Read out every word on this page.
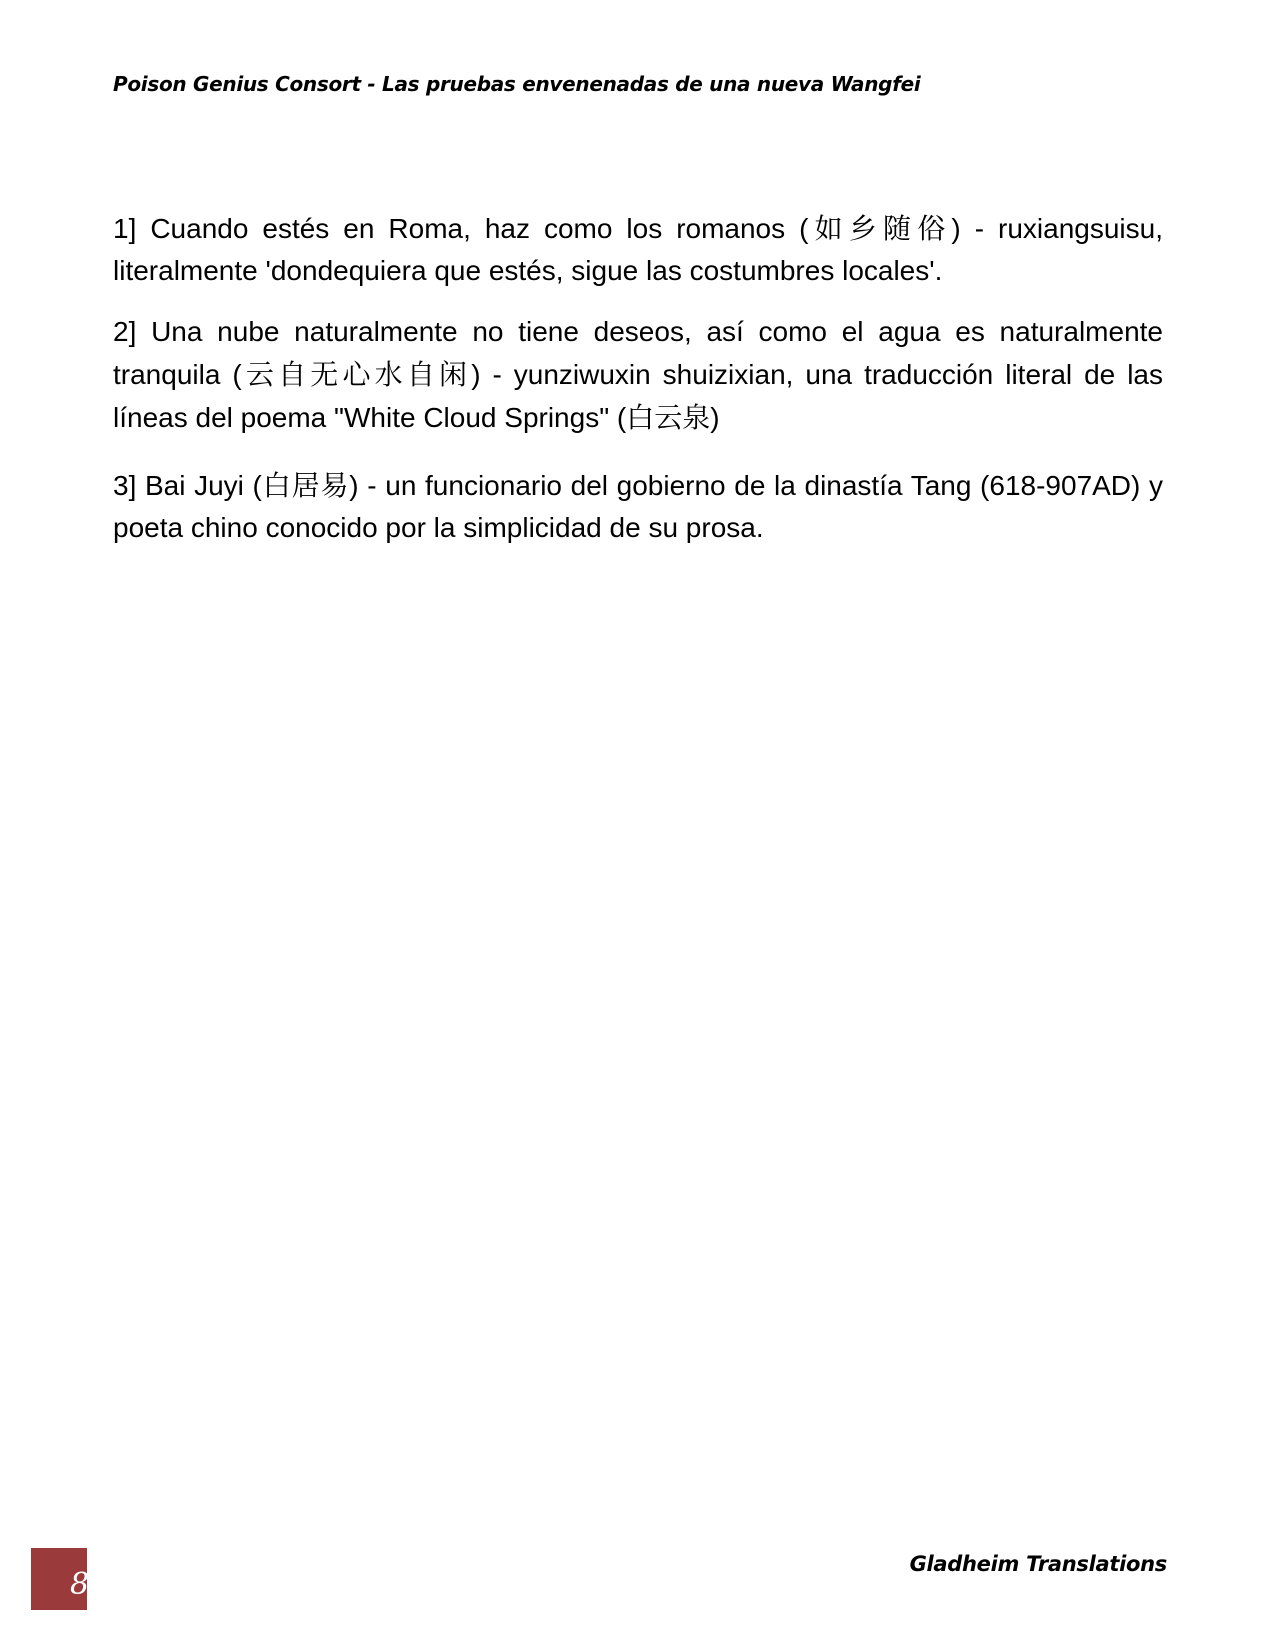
Poison Genius Consort - Las pruebas envenenadas de una nueva Wangfei

1] Cuando estés en Roma, haz como los romanos (如乡随俗) - ruxiangsuisu, literalmente 'dondequiera que estés, sigue las costumbres locales'.

2] Una nube naturalmente no tiene deseos, así como el agua es naturalmente tranquila (云自无心水自闲) - yunziwuxin shuizixian, una traducción literal de las líneas del poema "White Cloud Springs" (白云泉)

3] Bai Juyi (白居易) - un funcionario del gobierno de la dinastía Tang (618-907AD) y poeta chino conocido por la simplicidad de su prosa.

8
Gladheim Translations
